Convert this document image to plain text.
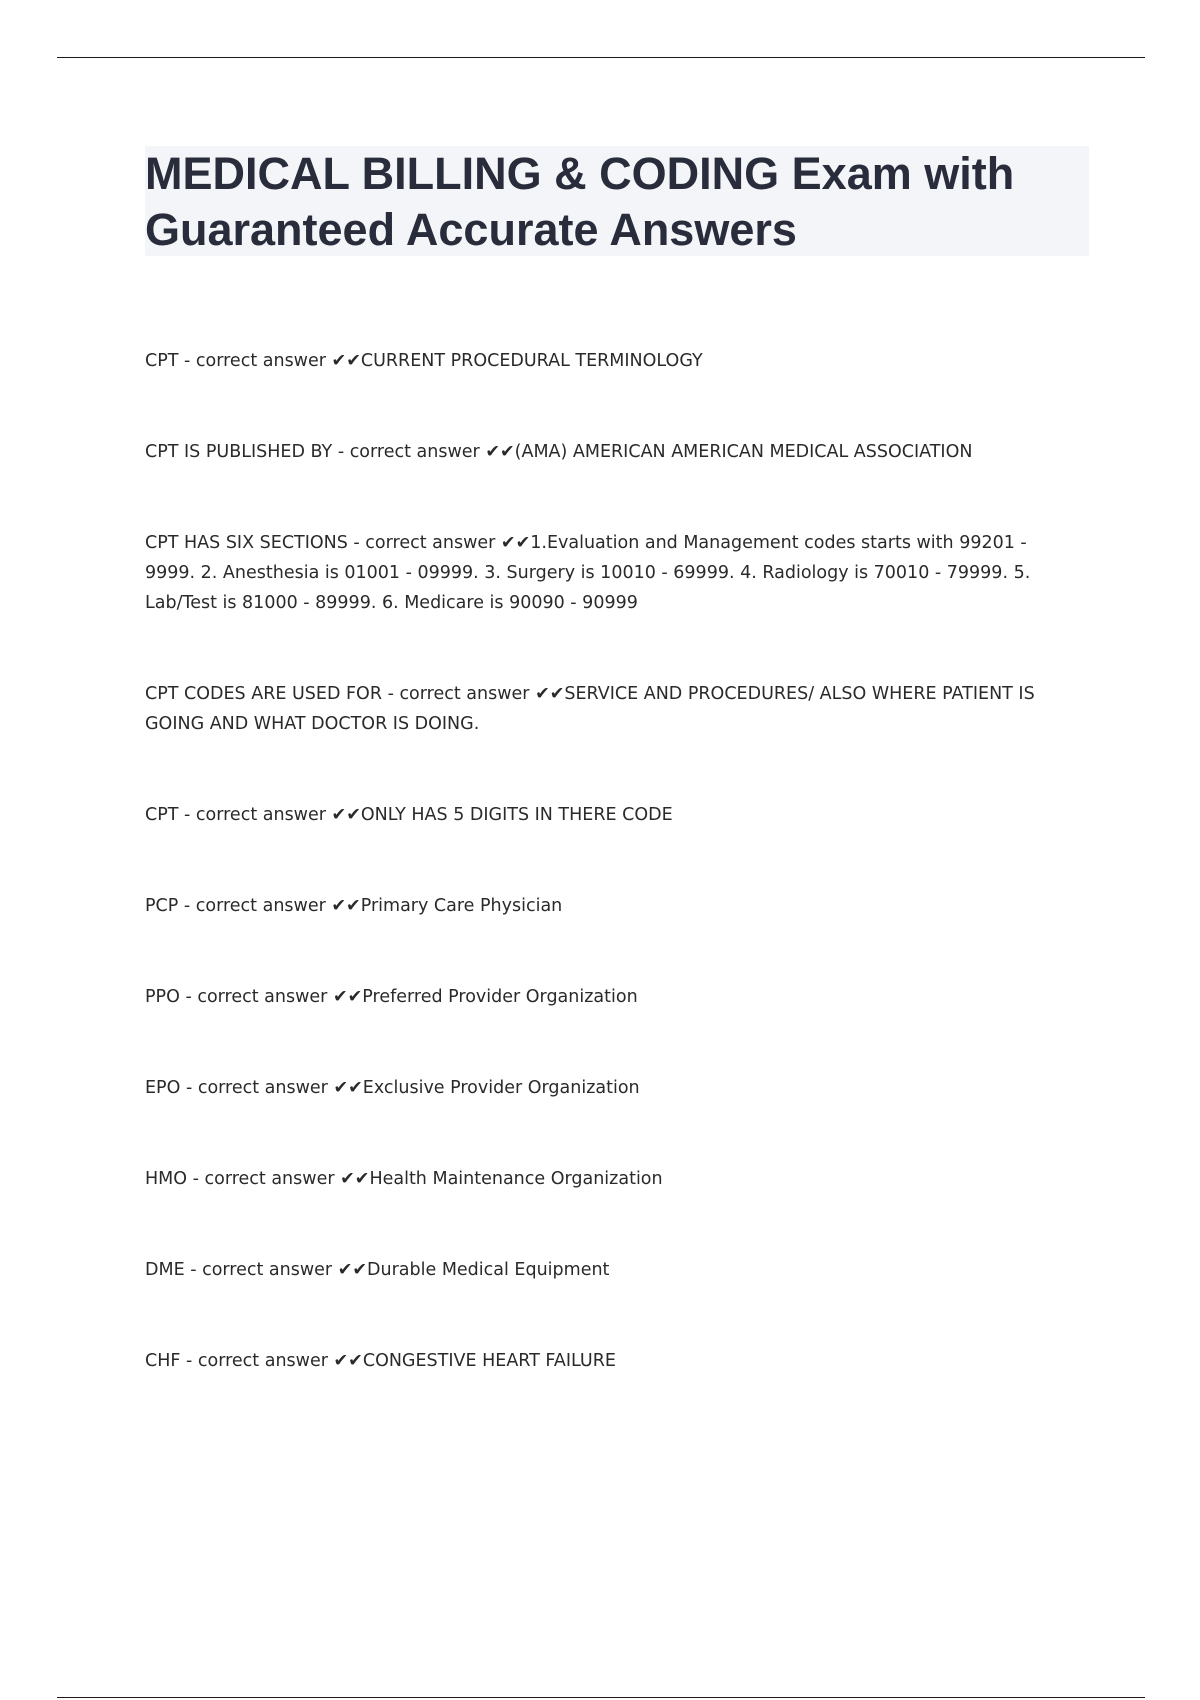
MEDICAL BILLING & CODING Exam with Guaranteed Accurate Answers
CPT - correct answer ✔✔CURRENT PROCEDURAL TERMINOLOGY
CPT IS PUBLISHED BY - correct answer ✔✔(AMA) AMERICAN AMERICAN MEDICAL ASSOCIATION
CPT HAS SIX SECTIONS - correct answer ✔✔1.Evaluation and Management codes starts with 99201 - 9999. 2. Anesthesia is 01001 - 09999. 3. Surgery is 10010 - 69999. 4. Radiology is 70010 - 79999. 5. Lab/Test is 81000 - 89999. 6. Medicare is 90090 - 90999
CPT CODES ARE USED FOR - correct answer ✔✔SERVICE AND PROCEDURES/ ALSO WHERE PATIENT IS GOING AND WHAT DOCTOR IS DOING.
CPT - correct answer ✔✔ONLY HAS 5 DIGITS IN THERE CODE
PCP - correct answer ✔✔Primary Care Physician
PPO - correct answer ✔✔Preferred Provider Organization
EPO - correct answer ✔✔Exclusive Provider Organization
HMO - correct answer ✔✔Health Maintenance Organization
DME - correct answer ✔✔Durable Medical Equipment
CHF - correct answer ✔✔CONGESTIVE HEART FAILURE
